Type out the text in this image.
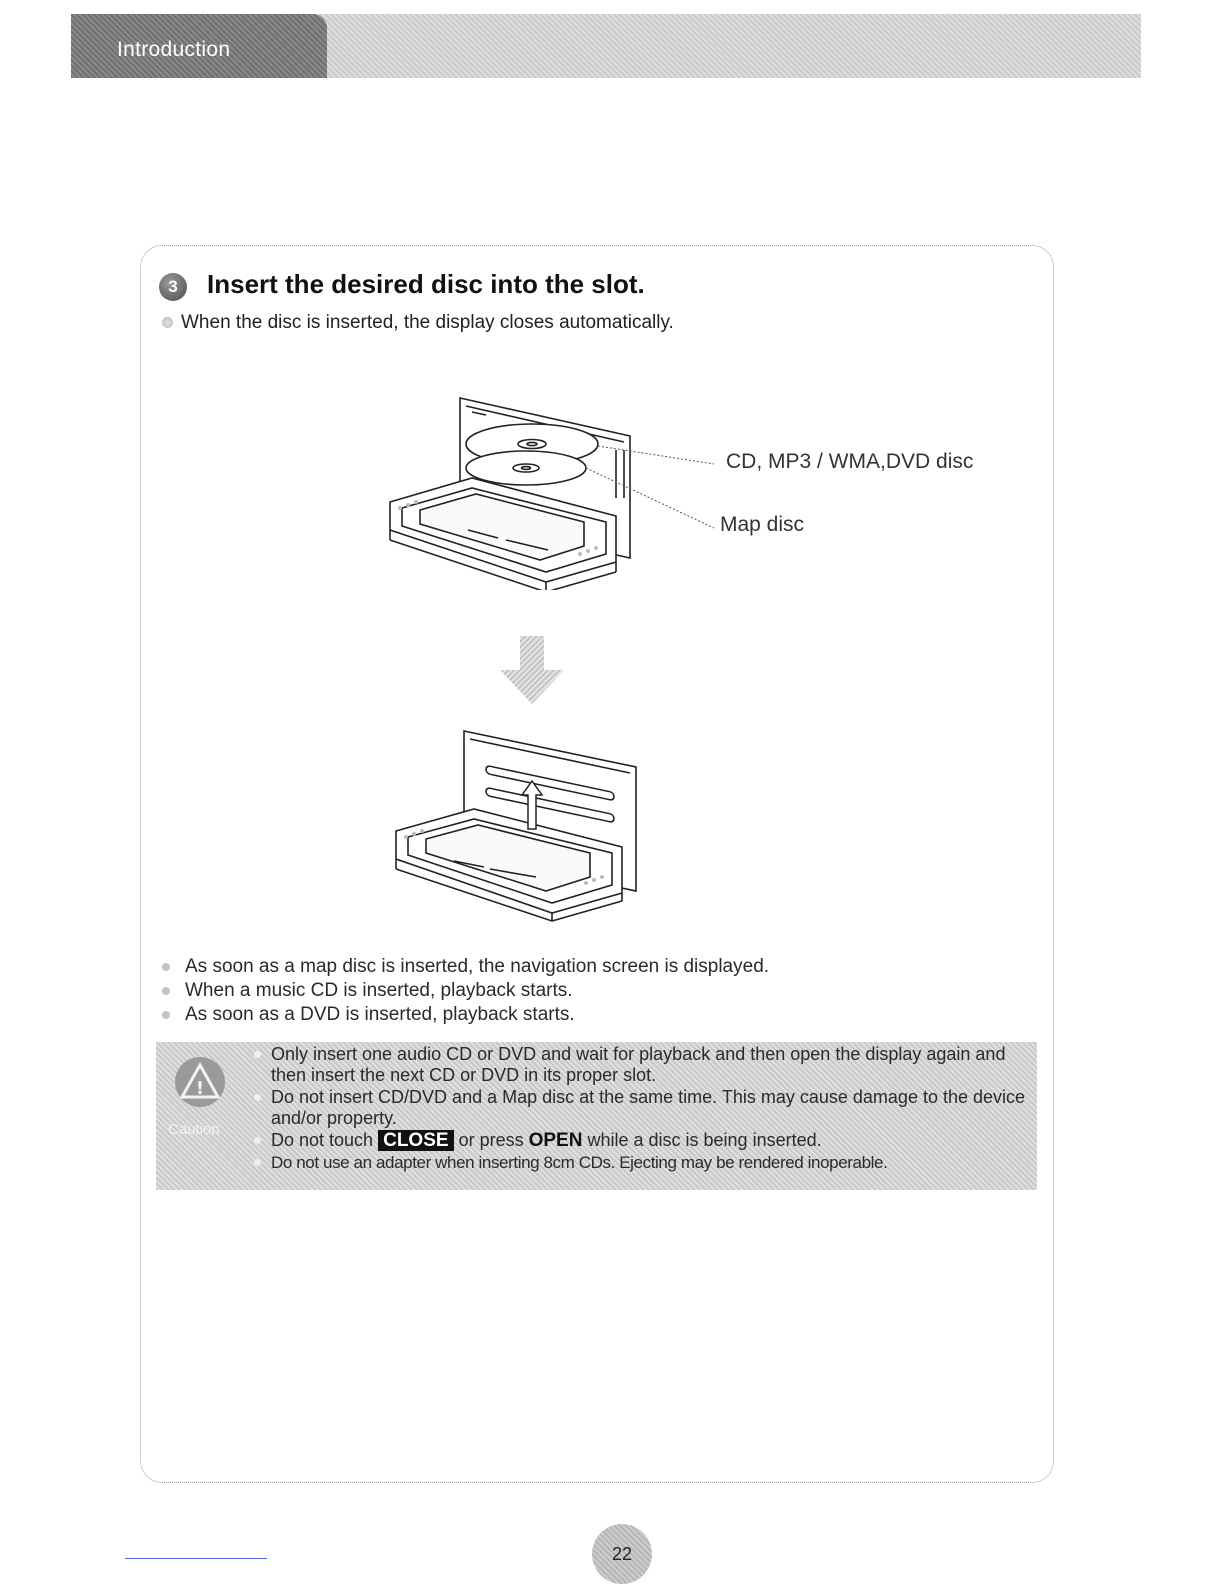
Introduction
3	Insert the desired disc into the slot.
When the disc is inserted, the display closes automatically.
CD, MP3 / WMA,DVD disc
Map disc
As soon as a map disc is inserted, the navigation screen is displayed.
When a music CD is inserted, playback starts.
As soon as a DVD is inserted, playback starts.
!
Caution
Only insert one audio CD or DVD and wait for playback and then open the display again and then insert the next CD or DVD in its proper slot.
Do not insert CD/DVD and a Map disc at the same time. This may cause damage to the device and/or property.
Do not touch CLOSE or press OPEN while a disc is being inserted.
Do not use an adapter when inserting 8cm CDs. Ejecting may be rendered inoperable.
22
